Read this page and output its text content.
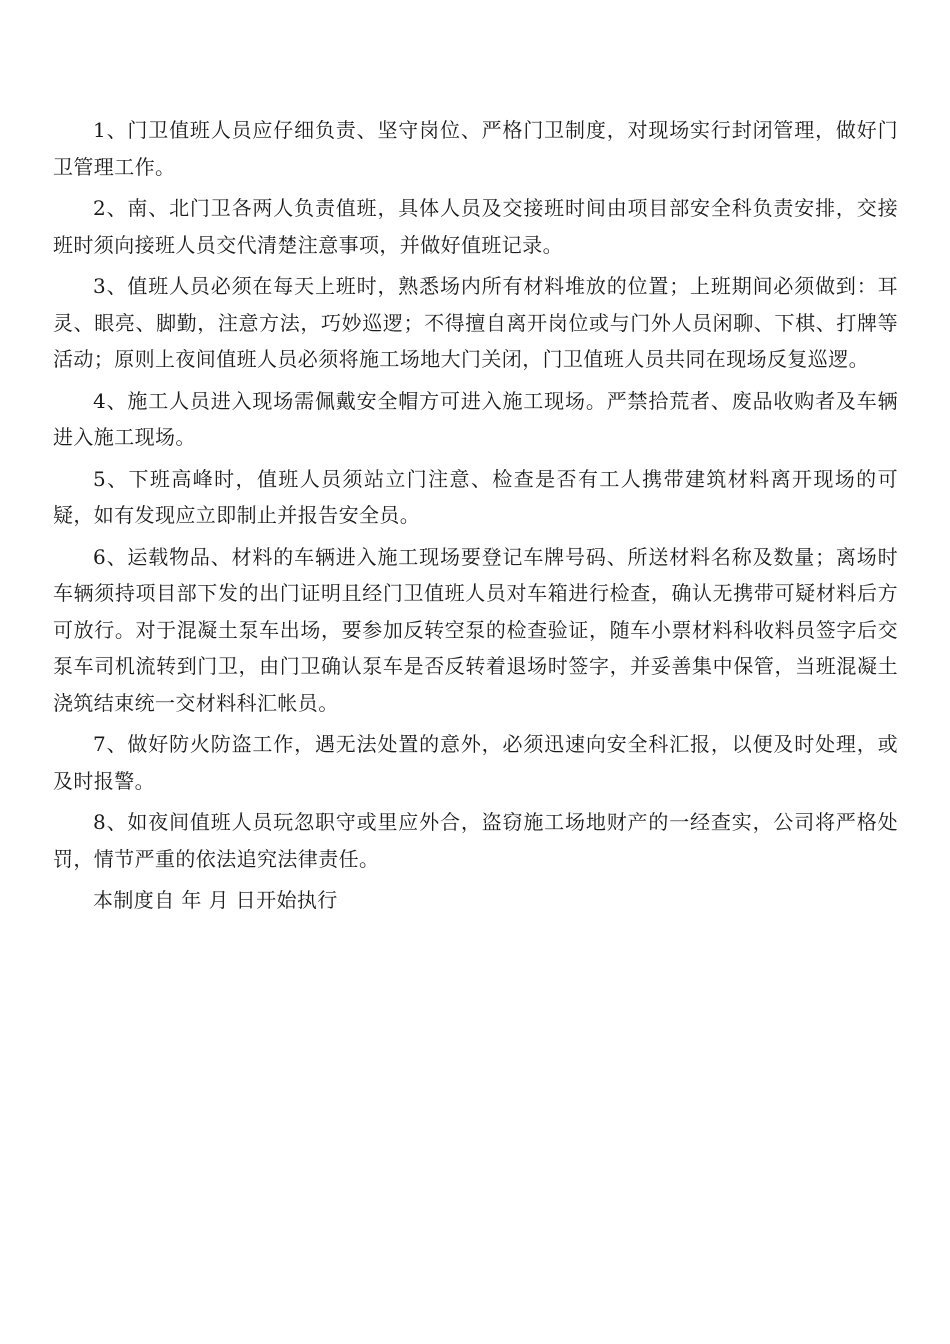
1、门卫值班人员应仔细负责、坚守岗位、严格门卫制度，对现场实行封闭管理，做好门卫管理工作。

2、南、北门卫各两人负责值班，具体人员及交接班时间由项目部安全科负责安排，交接班时须向接班人员交代清楚注意事项，并做好值班记录。

3、值班人员必须在每天上班时，熟悉场内所有材料堆放的位置；上班期间必须做到：耳灵、眼亮、脚勤，注意方法，巧妙巡逻；不得擅自离开岗位或与门外人员闲聊、下棋、打牌等活动；原则上夜间值班人员必须将施工场地大门关闭，门卫值班人员共同在现场反复巡逻。

4、施工人员进入现场需佩戴安全帽方可进入施工现场。严禁拾荒者、废品收购者及车辆进入施工现场。

5、下班高峰时，值班人员须站立门注意、检查是否有工人携带建筑材料离开现场的可疑，如有发现应立即制止并报告安全员。

6、运载物品、材料的车辆进入施工现场要登记车牌号码、所送材料名称及数量；离场时车辆须持项目部下发的出门证明且经门卫值班人员对车箱进行检查，确认无携带可疑材料后方可放行。对于混凝土泵车出场，要参加反转空泵的检查验证，随车小票材料科收料员签字后交泵车司机流转到门卫，由门卫确认泵车是否反转着退场时签字，并妥善集中保管，当班混凝土浇筑结束统一交材料科汇帐员。

7、做好防火防盗工作，遇无法处置的意外，必须迅速向安全科汇报，以便及时处理，或及时报警。

8、如夜间值班人员玩忽职守或里应外合，盗窃施工场地财产的一经查实，公司将严格处罚，情节严重的依法追究法律责任。

本制度自 年 月 日开始执行
